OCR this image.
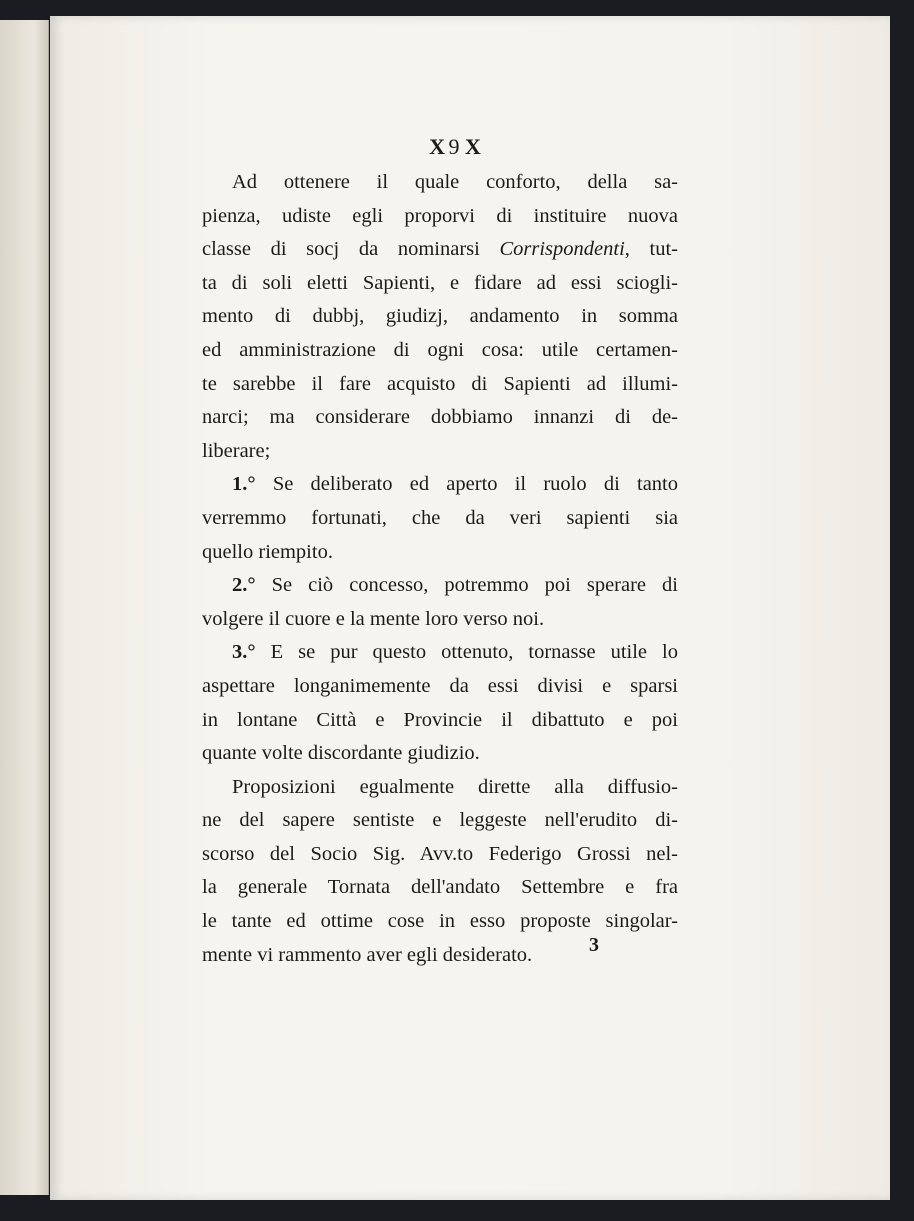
X 9 X
Ad ottenere il quale conforto, della sa-
pienza, udiste egli proporvi di instituire nuova
classe di socj da nominarsi Corrispondenti, tut-
ta di soli eletti Sapienti, e fidare ad essi sciogli-
mento di dubbj, giudizj, andamento in somma
ed amministrazione di ogni cosa: utile certamen-
te sarebbe il fare acquisto di Sapienti ad illumi-
narci; ma considerare dobbiamo innanzi di de-
liberare;
1.° Se deliberato ed aperto il ruolo di tanto
verremmo fortunati, che da veri sapienti sia
quello riempito.
2.° Se ciò concesso, potremmo poi sperare di
volgere il cuore e la mente loro verso noi.
3.° E se pur questo ottenuto, tornasse utile lo
aspettare longanimemente da essi divisi e sparsi
in lontane Città e Provincie il dibattuto e poi
quante volte discordante giudizio.
Proposizioni egualmente dirette alla diffusio-
ne del sapere sentiste e leggeste nell'erudito di-
scorso del Socio Sig. Avv.to Federigo Grossi nel-
la generale Tornata dell'andato Settembre e fra
le tante ed ottime cose in esso proposte singolar-
mente vi rammento aver egli desiderato.	3
